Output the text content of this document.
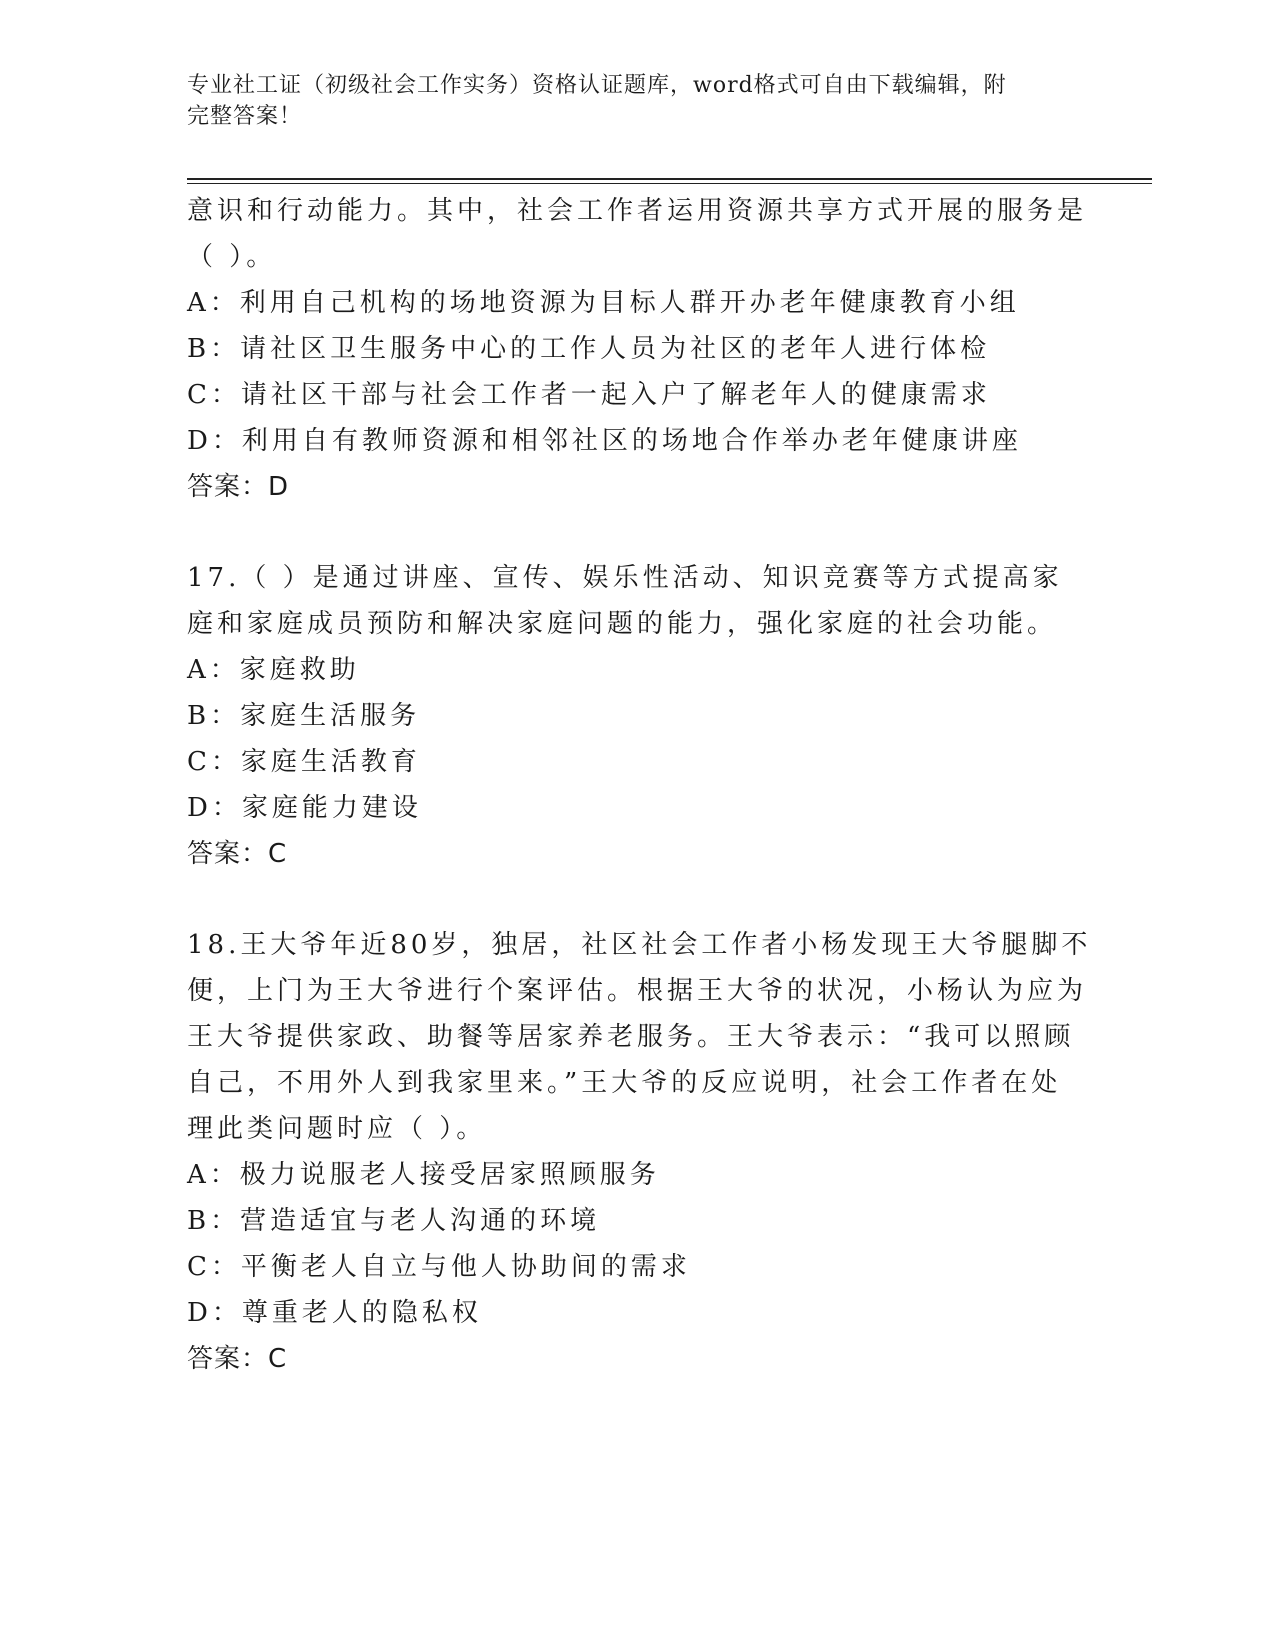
专业社工证（初级社会工作实务）资格认证题库，word格式可自由下载编辑，附
完整答案！
意识和行动能力。其中，社会工作者运用资源共享方式开展的服务是
（ ）。
A：利用自己机构的场地资源为目标人群开办老年健康教育小组
B：请社区卫生服务中心的工作人员为社区的老年人进行体检
C：请社区干部与社会工作者一起入户了解老年人的健康需求
D：利用自有教师资源和相邻社区的场地合作举办老年健康讲座
答案：D
17.（ ）是通过讲座、宣传、娱乐性活动、知识竞赛等方式提高家
庭和家庭成员预防和解决家庭问题的能力，强化家庭的社会功能。
A：家庭救助
B：家庭生活服务
C：家庭生活教育
D：家庭能力建设
答案：C
18.王大爷年近80岁，独居，社区社会工作者小杨发现王大爷腿脚不
便，上门为王大爷进行个案评估。根据王大爷的状况，小杨认为应为
王大爷提供家政、助餐等居家养老服务。王大爷表示：“我可以照顾
自己，不用外人到我家里来。”王大爷的反应说明，社会工作者在处
理此类问题时应（ ）。
A：极力说服老人接受居家照顾服务
B：营造适宜与老人沟通的环境
C：平衡老人自立与他人协助间的需求
D：尊重老人的隐私权
答案：C
